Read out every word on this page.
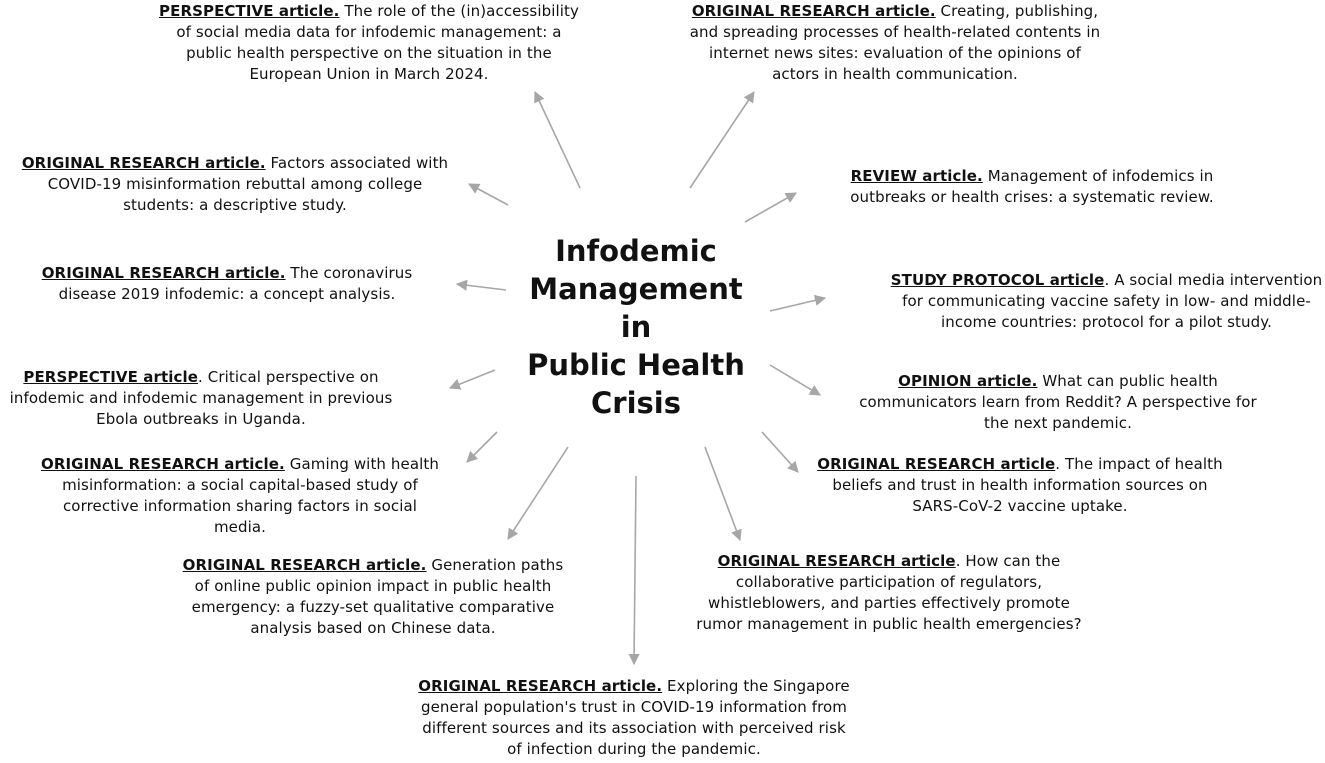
Infodemic
Management
in
Public Health
Crisis
PERSPECTIVE article. The role of the (in)accessibility of social media data for infodemic management: a public health perspective on the situation in the European Union in March 2024.
ORIGINAL RESEARCH article. Creating, publishing, and spreading processes of health-related contents in internet news sites: evaluation of the opinions of actors in health communication.
ORIGINAL RESEARCH article. Factors associated with COVID-19 misinformation rebuttal among college students: a descriptive study.
REVIEW article. Management of infodemics in outbreaks or health crises: a systematic review.
ORIGINAL RESEARCH article. The coronavirus disease 2019 infodemic: a concept analysis.
STUDY PROTOCOL article. A social media intervention for communicating vaccine safety in low- and middle-income countries: protocol for a pilot study.
PERSPECTIVE article. Critical perspective on infodemic and infodemic management in previous Ebola outbreaks in Uganda.
OPINION article. What can public health communicators learn from Reddit? A perspective for the next pandemic.
ORIGINAL RESEARCH article. Gaming with health misinformation: a social capital-based study of corrective information sharing factors in social media.
ORIGINAL RESEARCH article. The impact of health beliefs and trust in health information sources on SARS-CoV-2 vaccine uptake.
ORIGINAL RESEARCH article. Generation paths of online public opinion impact in public health emergency: a fuzzy-set qualitative comparative analysis based on Chinese data.
ORIGINAL RESEARCH article. How can the collaborative participation of regulators, whistleblowers, and parties effectively promote rumor management in public health emergencies?
ORIGINAL RESEARCH article. Exploring the Singapore general population's trust in COVID-19 information from different sources and its association with perceived risk of infection during the pandemic.
